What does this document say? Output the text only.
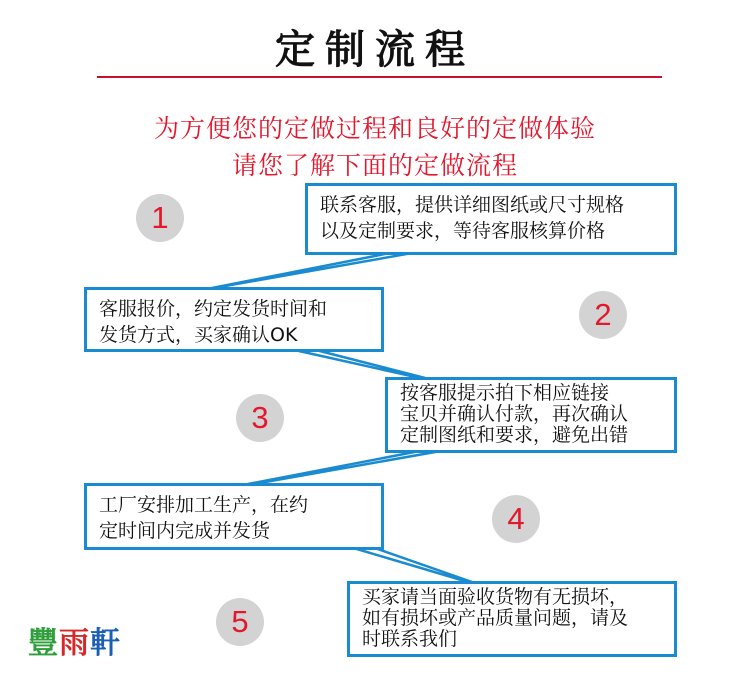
定制流程
为方便您的定做过程和良好的定做体验
请您了解下面的定做流程
1	联系客服，提供详细图纸或尺寸规格
以及定制要求，等待客服核算价格
2
客服报价，约定发货时间和
发货方式，买家确认OK
3
按客服提示拍下相应链接
宝贝并确认付款，再次确认
定制图纸和要求，避免出错
4
工厂安排加工生产，在约
定时间内完成并发货
5
买家请当面验收货物有无损坏，
如有损坏或产品质量问题，请及
时联系我们
豐雨軒
